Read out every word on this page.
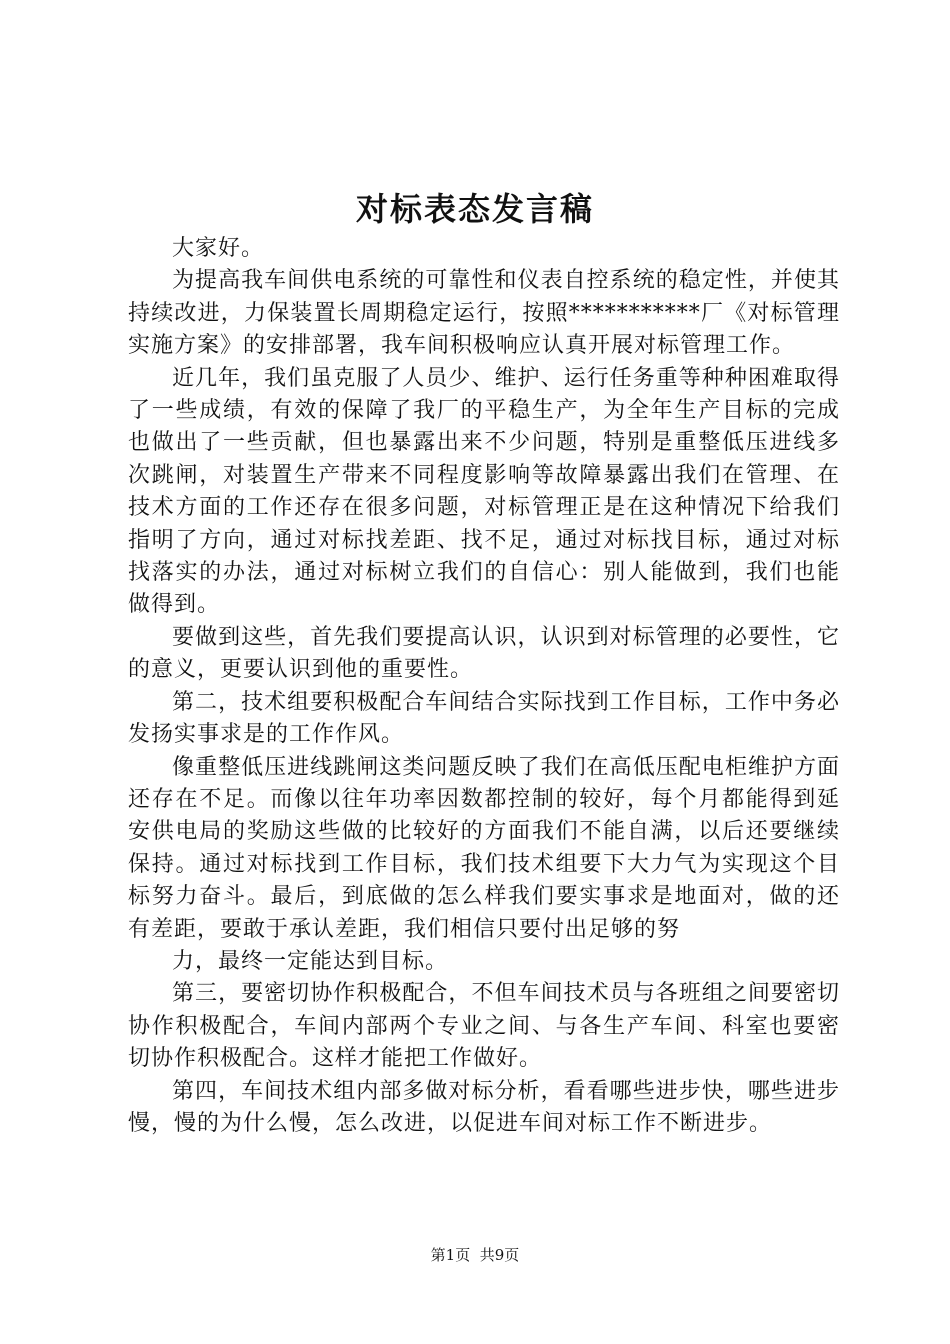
对标表态发言稿

大家好。

为提高我车间供电系统的可靠性和仪表自控系统的稳定性，并使其持续改进，力保装置长周期稳定运行，按照***********厂《对标管理实施方案》的安排部署，我车间积极响应认真开展对标管理工作。

近几年，我们虽克服了人员少、维护、运行任务重等种种困难取得了一些成绩，有效的保障了我厂的平稳生产，为全年生产目标的完成也做出了一些贡献，但也暴露出来不少问题，特别是重整低压进线多次跳闸，对装置生产带来不同程度影响等故障暴露出我们在管理、在技术方面的工作还存在很多问题，对标管理正是在这种情况下给我们指明了方向，通过对标找差距、找不足，通过对标找目标，通过对标找落实的办法，通过对标树立我们的自信心：别人能做到，我们也能做得到。

要做到这些，首先我们要提高认识，认识到对标管理的必要性，它的意义，更要认识到他的重要性。

第二，技术组要积极配合车间结合实际找到工作目标，工作中务必发扬实事求是的工作作风。

像重整低压进线跳闸这类问题反映了我们在高低压配电柜维护方面还存在不足。而像以往年功率因数都控制的较好，每个月都能得到延安供电局的奖励这些做的比较好的方面我们不能自满，以后还要继续保持。通过对标找到工作目标，我们技术组要下大力气为实现这个目标努力奋斗。最后，到底做的怎么样我们要实事求是地面对，做的还有差距，要敢于承认差距，我们相信只要付出足够的努

力，最终一定能达到目标。

第三，要密切协作积极配合，不但车间技术员与各班组之间要密切协作积极配合，车间内部两个专业之间、与各生产车间、科室也要密切协作积极配合。这样才能把工作做好。

第四，车间技术组内部多做对标分析，看看哪些进步快，哪些进步慢，慢的为什么慢，怎么改进，以促进车间对标工作不断进步。

第1页 共9页
